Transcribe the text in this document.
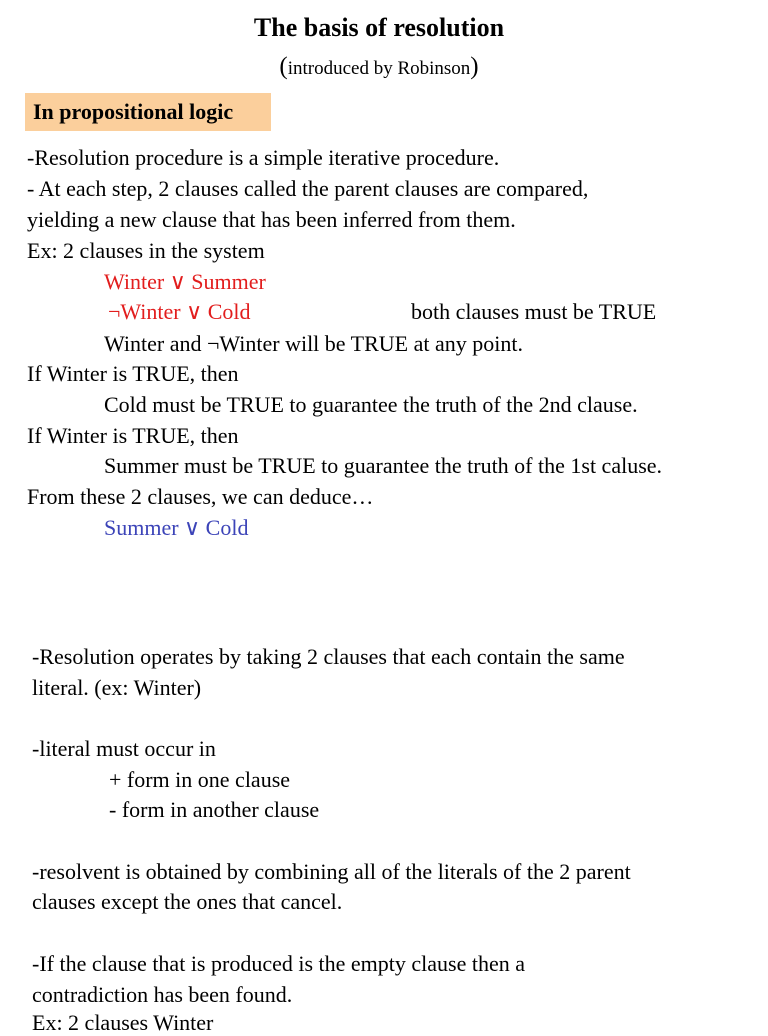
The basis of resolution
(introduced by Robinson)
In propositional logic
-Resolution procedure is a simple iterative procedure.
- At each step, 2 clauses called the parent clauses are compared,
yielding a new clause that has been inferred from them.
Ex: 2 clauses in the system
Winter ∨ Summer
¬Winter ∨ Cold	both clauses must be TRUE
Winter and ¬Winter will be TRUE at any point.
If Winter is TRUE, then
Cold must be TRUE to guarantee the truth of the 2nd clause.
If Winter is TRUE, then
Summer must be TRUE to guarantee the truth of the 1st caluse.
From these 2 clauses, we can deduce…
Summer ∨ Cold
-Resolution operates by taking 2 clauses that each contain the same
literal. (ex: Winter)
-literal must occur in
+ form in one clause
- form in another clause
-resolvent is obtained by combining all of the literals of the 2 parent
clauses except the ones that cancel.
-If the clause that is produced is the empty clause then a
contradiction has been found.
Ex: 2 clauses Winter
